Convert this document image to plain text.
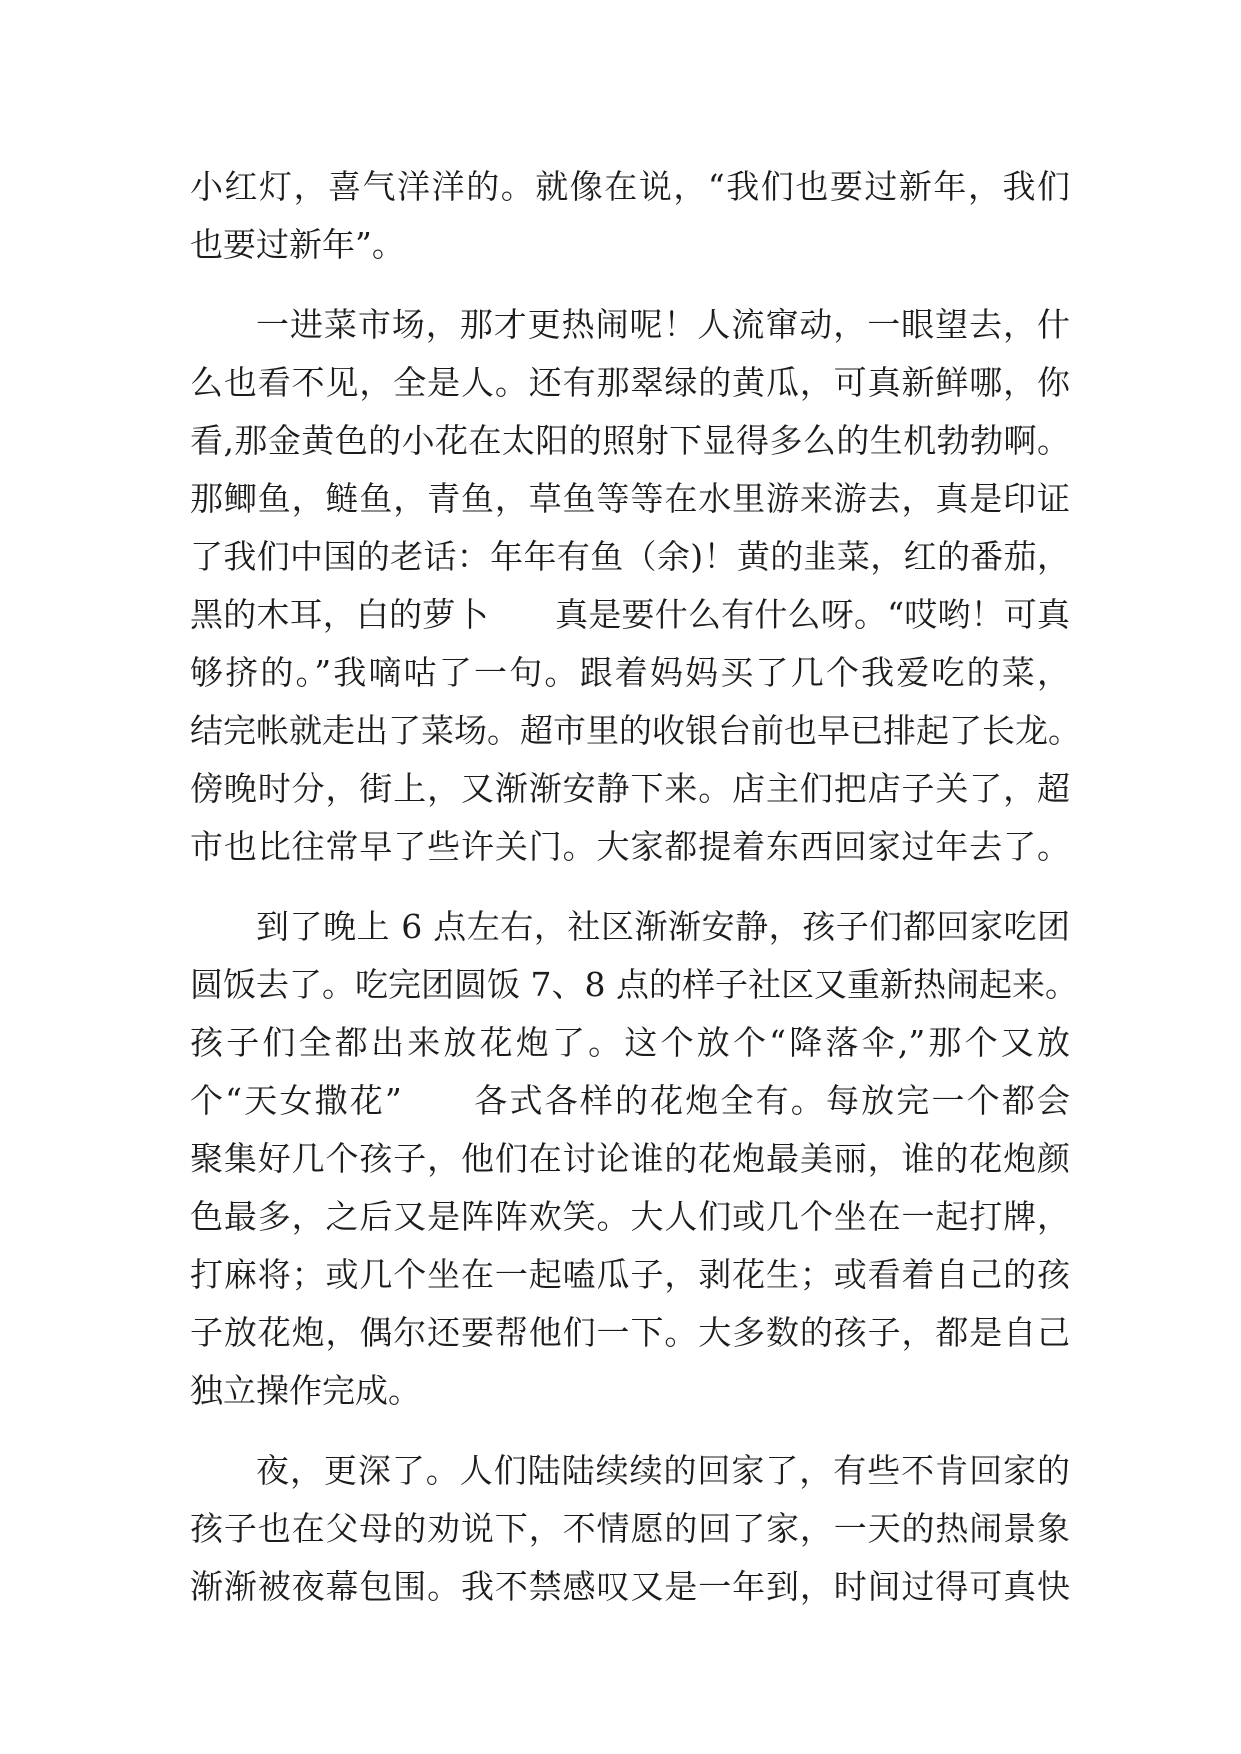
小红灯，喜气洋洋的。就像在说，“我们也要过新年，我们
也要过新年”。
一进菜市场，那才更热闹呢！人流窜动，一眼望去，什
么也看不见，全是人。还有那翠绿的黄瓜，可真新鲜哪，你
看,那金黄色的小花在太阳的照射下显得多么的生机勃勃啊。
那鲫鱼，鲢鱼，青鱼，草鱼等等在水里游来游去，真是印证
了我们中国的老话：年年有鱼（余)！黄的韭菜，红的番茄，
黑的木耳，白的萝卜　　真是要什么有什么呀。“哎哟！可真
够挤的。”我嘀咕了一句。跟着妈妈买了几个我爱吃的菜，
结完帐就走出了菜场。超市里的收银台前也早已排起了长龙。
傍晚时分，街上，又渐渐安静下来。店主们把店子关了，超
市也比往常早了些许关门。大家都提着东西回家过年去了。
到了晚上 6 点左右，社区渐渐安静，孩子们都回家吃团
圆饭去了。吃完团圆饭 7、8 点的样子社区又重新热闹起来。
孩子们全都出来放花炮了。这个放个“降落伞,”那个又放
个“天女撒花”　　各式各样的花炮全有。每放完一个都会
聚集好几个孩子，他们在讨论谁的花炮最美丽，谁的花炮颜
色最多，之后又是阵阵欢笑。大人们或几个坐在一起打牌，
打麻将；或几个坐在一起嗑瓜子，剥花生；或看着自己的孩
子放花炮，偶尔还要帮他们一下。大多数的孩子，都是自己
独立操作完成。
夜，更深了。人们陆陆续续的回家了，有些不肯回家的
孩子也在父母的劝说下，不情愿的回了家，一天的热闹景象
渐渐被夜幕包围。我不禁感叹又是一年到，时间过得可真快
